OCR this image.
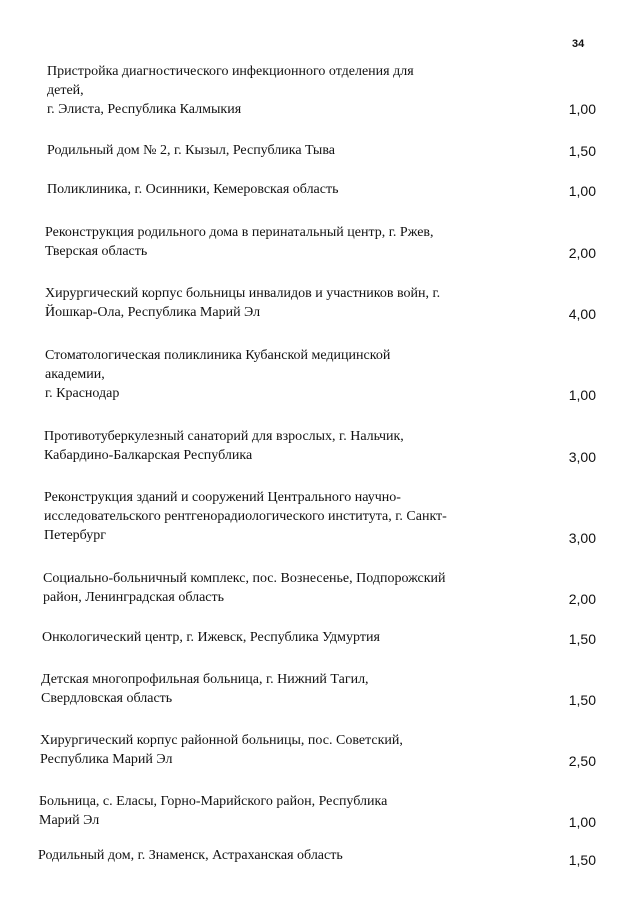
34
Пристройка диагностического инфекционного отделения для
детей,
г. Элиста, Республика Калмыкия	1,00
Родильный дом № 2, г. Кызыл, Республика Тыва	1,50
Поликлиника, г. Осинники, Кемеровская область	1,00
Реконструкция родильного дома в перинатальный центр, г. Ржев,
Тверская область	2,00
Хирургический корпус больницы инвалидов и участников войн, г.
Йошкар-Ола, Республика Марий Эл	4,00
Стоматологическая поликлиника Кубанской медицинской
академии,
г. Краснодар	1,00
Противотуберкулезный санаторий для взрослых, г. Нальчик,
Кабардино-Балкарская Республика	3,00
Реконструкция зданий и сооружений Центрального научно-
исследовательского рентгенорадиологического института, г. Санкт-
Петербург	3,00
Социально-больничный комплекс, пос. Вознесенье, Подпорожский
район, Ленинградская область	2,00
Онкологический центр, г. Ижевск, Республика Удмуртия	1,50
Детская многопрофильная больница, г. Нижний Тагил,
Свердловская область	1,50
Хирургический корпус районной больницы, пос. Советский,
Республика Марий Эл	2,50
Больница, с. Еласы, Горно-Марийского район, Республика
Марий Эл	1,00
Родильный дом, г. Знаменск, Астраханская область	1,50
